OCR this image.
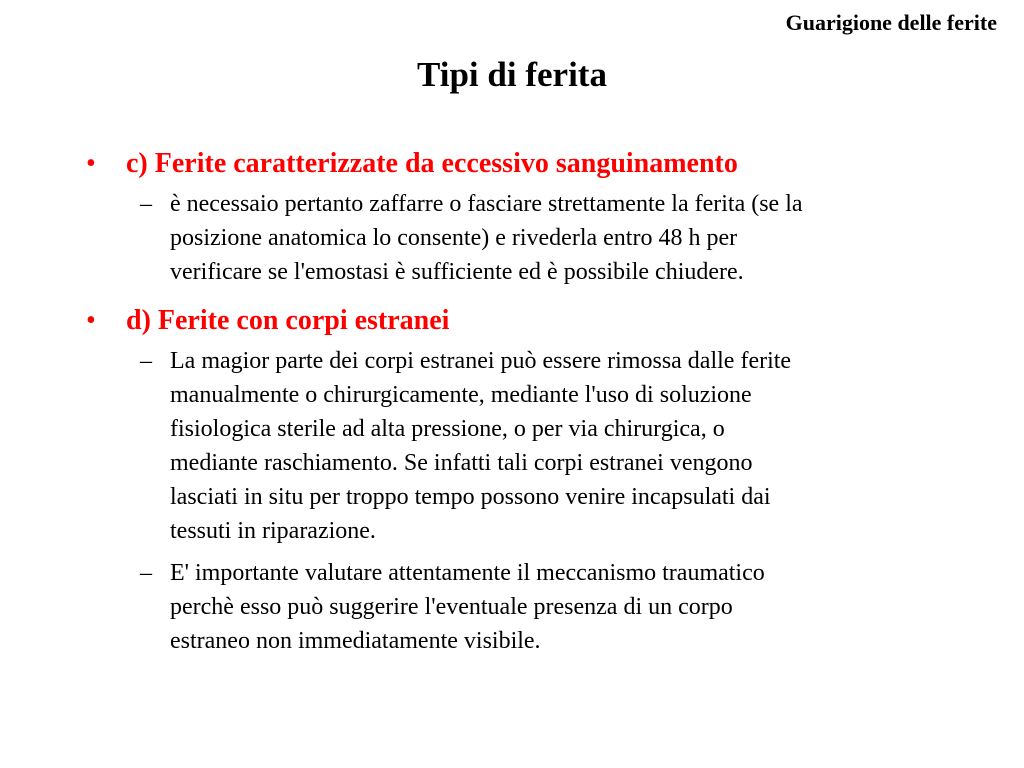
Guarigione delle ferite
Tipi di ferita
• c) Ferite caratterizzate da eccessivo sanguinamento
– è necessaio pertanto zaffarre o fasciare strettamente la ferita (se la
posizione anatomica lo consente) e rivederla entro 48 h per
verificare se l'emostasi è sufficiente ed è possibile chiudere.
• d) Ferite con corpi estranei
– La magior parte dei corpi estranei può essere rimossa dalle ferite
manualmente o chirurgicamente, mediante l'uso di soluzione
fisiologica sterile ad alta pressione, o per via chirurgica, o
mediante raschiamento. Se infatti tali corpi estranei vengono
lasciati in situ per troppo tempo possono venire incapsulati dai
tessuti in riparazione.
– E' importante valutare attentamente il meccanismo traumatico
perchè esso può suggerire l'eventuale presenza di un corpo
estraneo non immediatamente visibile.
